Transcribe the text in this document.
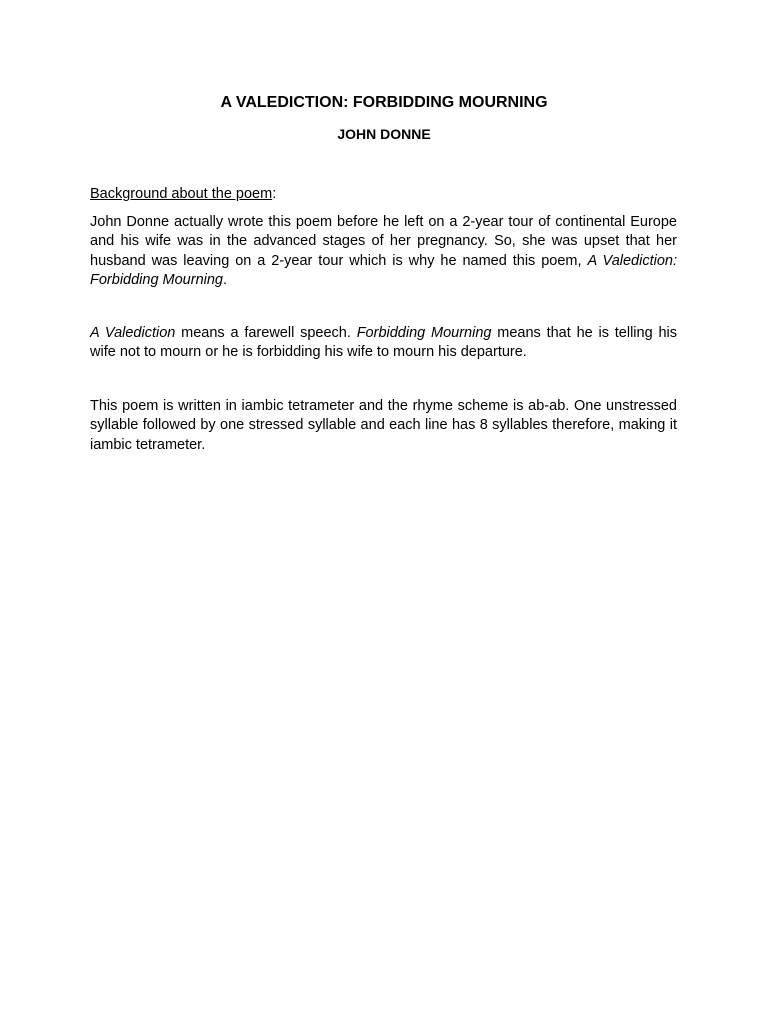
A VALEDICTION: FORBIDDING MOURNING
JOHN DONNE

Background about the poem:

John Donne actually wrote this poem before he left on a 2-year tour of continental Europe and his wife was in the advanced stages of her pregnancy. So, she was upset that her husband was leaving on a 2-year tour which is why he named this poem, A Valediction: Forbidding Mourning.

A Valediction means a farewell speech. Forbidding Mourning means that he is telling his wife not to mourn or he is forbidding his wife to mourn his departure.

This poem is written in iambic tetrameter and the rhyme scheme is ab-ab. One unstressed syllable followed by one stressed syllable and each line has 8 syllables therefore, making it iambic tetrameter.
